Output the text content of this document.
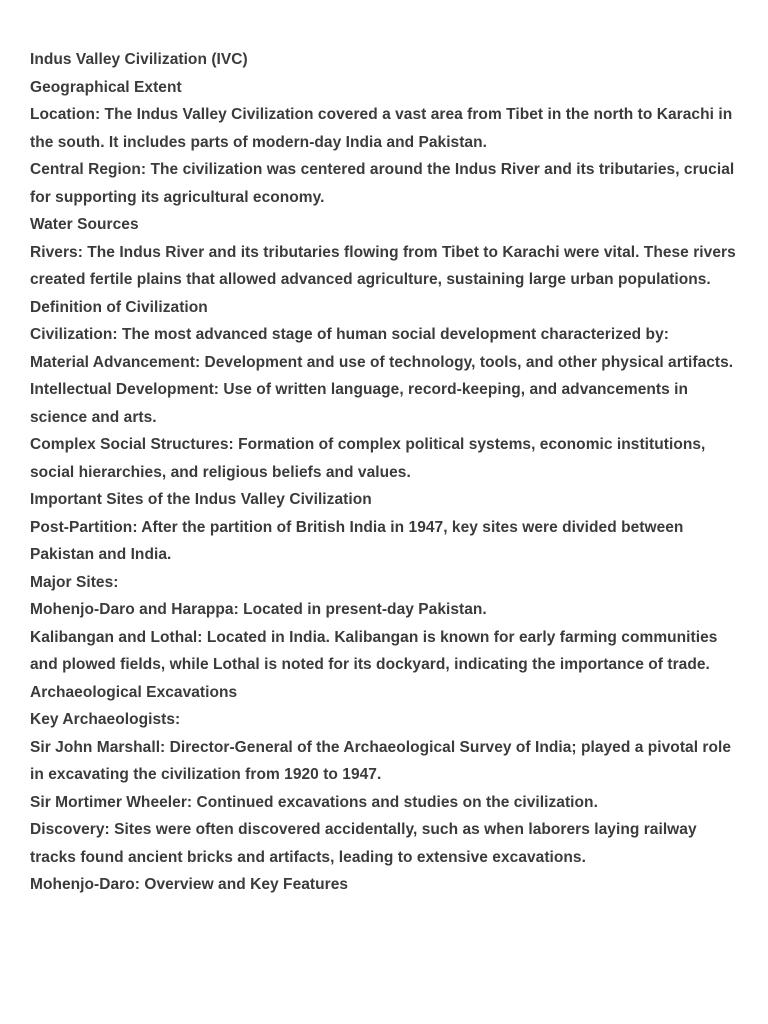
Indus Valley Civilization (IVC)

Geographical Extent

Location: The Indus Valley Civilization covered a vast area from Tibet in the north to Karachi in the south. It includes parts of modern-day India and Pakistan.

Central Region: The civilization was centered around the Indus River and its tributaries, crucial for supporting its agricultural economy.

Water Sources

Rivers: The Indus River and its tributaries flowing from Tibet to Karachi were vital. These rivers created fertile plains that allowed advanced agriculture, sustaining large urban populations.

Definition of Civilization

Civilization: The most advanced stage of human social development characterized by:

Material Advancement: Development and use of technology, tools, and other physical artifacts.

Intellectual Development: Use of written language, record-keeping, and advancements in science and arts.

Complex Social Structures: Formation of complex political systems, economic institutions, social hierarchies, and religious beliefs and values.

Important Sites of the Indus Valley Civilization

Post-Partition: After the partition of British India in 1947, key sites were divided between Pakistan and India.

Major Sites:

Mohenjo-Daro and Harappa: Located in present-day Pakistan.

Kalibangan and Lothal: Located in India. Kalibangan is known for early farming communities and plowed fields, while Lothal is noted for its dockyard, indicating the importance of trade.

Archaeological Excavations

Key Archaeologists:

Sir John Marshall: Director-General of the Archaeological Survey of India; played a pivotal role in excavating the civilization from 1920 to 1947.

Sir Mortimer Wheeler: Continued excavations and studies on the civilization.

Discovery: Sites were often discovered accidentally, such as when laborers laying railway tracks found ancient bricks and artifacts, leading to extensive excavations.

Mohenjo-Daro: Overview and Key Features
